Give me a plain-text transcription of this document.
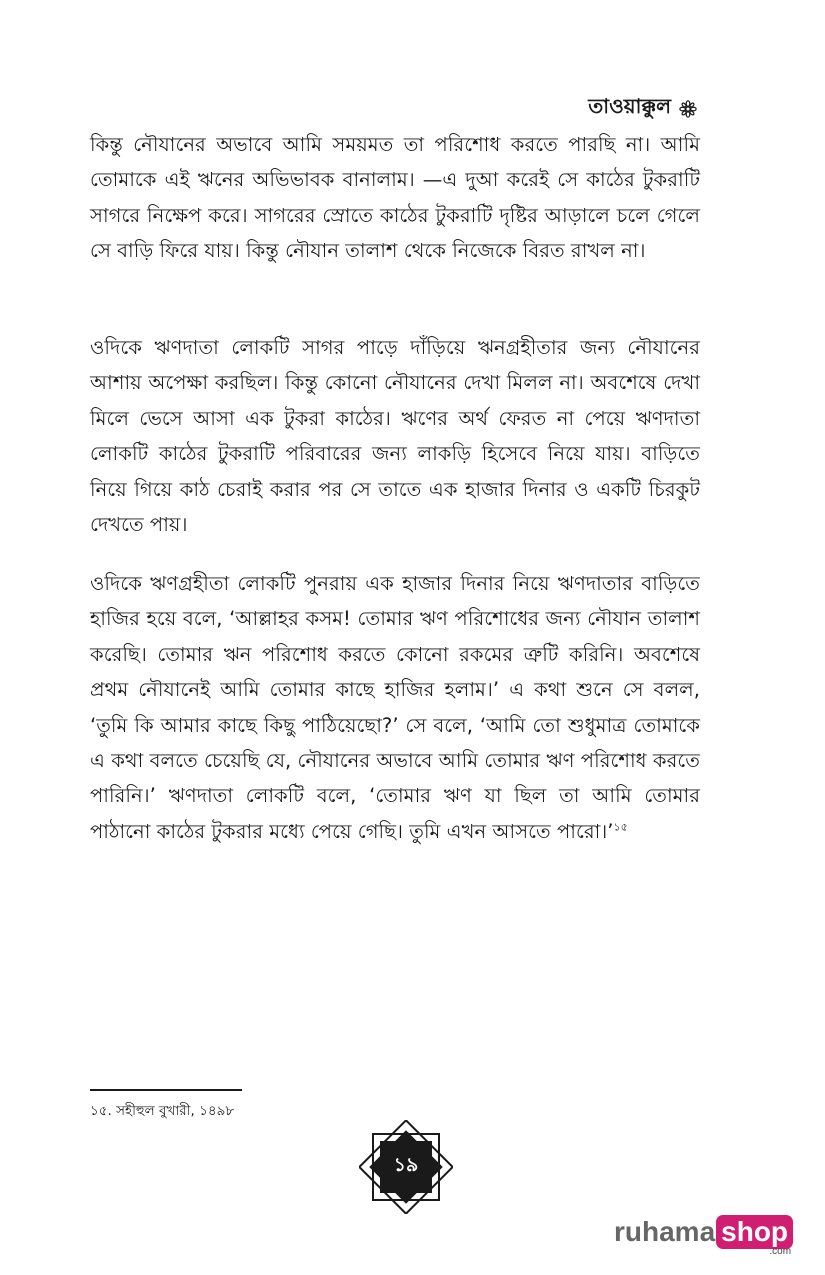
তাওয়াক্কুল

কিন্তু নৌযানের অভাবে আমি সময়মত তা পরিশোধ করতে পারছি না। আমি তোমাকে এই ঋনের অভিভাবক বানালাম। —এ দুআ করেই সে কাঠের টুকরাটি সাগরে নিক্ষেপ করে। সাগরের স্রোতে কাঠের টুকরাটি দৃষ্টির আড়ালে চলে গেলে সে বাড়ি ফিরে যায়। কিন্তু নৌযান তালাশ থেকে নিজেকে বিরত রাখল না।

ওদিকে ঋণদাতা লোকটি সাগর পাড়ে দাঁড়িয়ে ঋনগ্রহীতার জন্য নৌযানের আশায় অপেক্ষা করছিল। কিন্তু কোনো নৌযানের দেখা মিলল না। অবশেষে দেখা মিলে ভেসে আসা এক টুকরা কাঠের। ঋণের অর্থ ফেরত না পেয়ে ঋণদাতা লোকটি কাঠের টুকরাটি পরিবারের জন্য লাকড়ি হিসেবে নিয়ে যায়। বাড়িতে নিয়ে গিয়ে কাঠ চেরাই করার পর সে তাতে এক হাজার দিনার ও একটি চিরকুট দেখতে পায়।

ওদিকে ঋণগ্রহীতা লোকটি পুনরায় এক হাজার দিনার নিয়ে ঋণদাতার বাড়িতে হাজির হয়ে বলে, ‘আল্লাহর কসম! তোমার ঋণ পরিশোধের জন্য নৌযান তালাশ করেছি। তোমার ঋন পরিশোধ করতে কোনো রকমের ত্রুটি করিনি। অবশেষে প্রথম নৌযানেই আমি তোমার কাছে হাজির হলাম।’ এ কথা শুনে সে বলল, ‘তুমি কি আমার কাছে কিছু পাঠিয়েছো?’ সে বলে, ‘আমি তো শুধুমাত্র তোমাকে এ কথা বলতে চেয়েছি যে, নৌযানের অভাবে আমি তোমার ঋণ পরিশোধ করতে পারিনি।’ ঋণদাতা লোকটি বলে, ‘তোমার ঋণ যা ছিল তা আমি তোমার পাঠানো কাঠের টুকরার মধ্যে পেয়ে গেছি। তুমি এখন আসতে পারো।’$^{১৫}$

১৫. সহীহুল বুখারী, ১৪৯৮
১৯
ruhama shop
.com
